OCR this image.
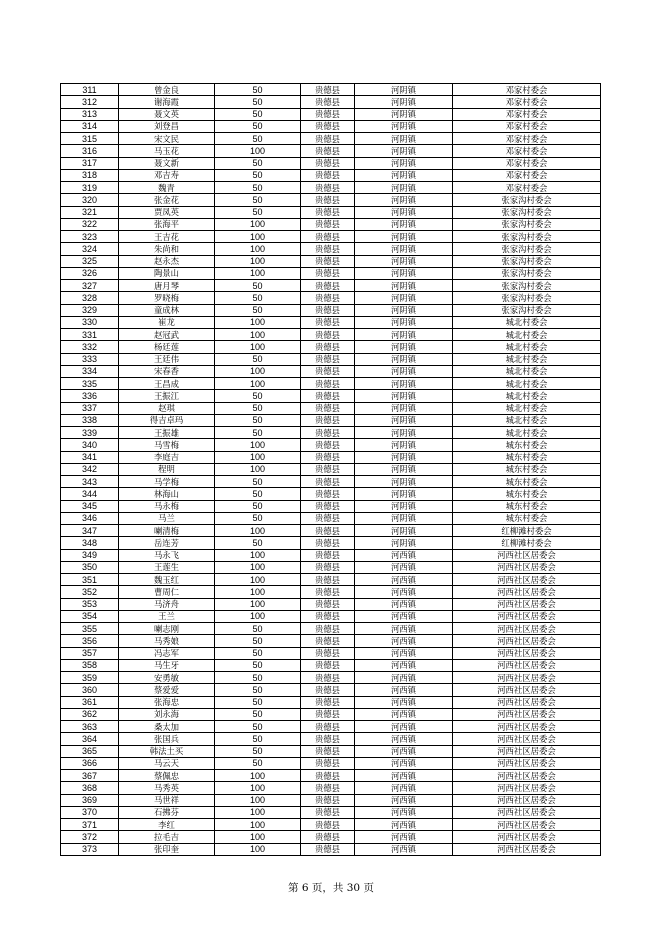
311	曾金良	50	贵德县	河阴镇	邓家村委会
312	谢海霞	50	贵德县	河阴镇	邓家村委会
313	聂文英	50	贵德县	河阴镇	邓家村委会
314	刘登昌	50	贵德县	河阴镇	邓家村委会
315	宋文民	50	贵德县	河阴镇	邓家村委会
316	马玉花	100	贵德县	河阴镇	邓家村委会
317	聂文新	50	贵德县	河阴镇	邓家村委会
318	邓吉寿	50	贵德县	河阴镇	邓家村委会
319	魏青	50	贵德县	河阴镇	邓家村委会
320	张金花	50	贵德县	河阴镇	张家沟村委会
321	贾凤英	50	贵德县	河阴镇	张家沟村委会
322	张海平	100	贵德县	河阴镇	张家沟村委会
323	王吉花	100	贵德县	河阴镇	张家沟村委会
324	朱尚和	100	贵德县	河阴镇	张家沟村委会
325	赵永杰	100	贵德县	河阴镇	张家沟村委会
326	陶景山	100	贵德县	河阴镇	张家沟村委会
327	唐月琴	50	贵德县	河阴镇	张家沟村委会
328	罗晓梅	50	贵德县	河阴镇	张家沟村委会
329	童成林	50	贵德县	河阴镇	张家沟村委会
330	崔龙	100	贵德县	河阴镇	城北村委会
331	赵冠武	100	贵德县	河阴镇	城北村委会
332	杨廷莲	100	贵德县	河阴镇	城北村委会
333	王廷伟	50	贵德县	河阴镇	城北村委会
334	宋春香	100	贵德县	河阴镇	城北村委会
335	王昌成	100	贵德县	河阴镇	城北村委会
336	王振江	50	贵德县	河阴镇	城北村委会
337	赵琪	50	贵德县	河阴镇	城北村委会
338	得吉卓玛	50	贵德县	河阴镇	城北村委会
339	王振雄	50	贵德县	河阴镇	城北村委会
340	马雪梅	100	贵德县	河阴镇	城东村委会
341	李庭吉	100	贵德县	河阴镇	城东村委会
342	程明	100	贵德县	河阴镇	城东村委会
343	马学梅	50	贵德县	河阴镇	城东村委会
344	林海山	50	贵德县	河阴镇	城东村委会
345	马永梅	50	贵德县	河阴镇	城东村委会
346	马兰	50	贵德县	河阴镇	城东村委会
347	喇清梅	100	贵德县	河阴镇	红柳滩村委会
348	岳连芳	50	贵德县	河阴镇	红柳滩村委会
349	马永飞	100	贵德县	河西镇	河西社区居委会
350	王莲生	100	贵德县	河西镇	河西社区居委会
351	魏玉红	100	贵德县	河西镇	河西社区居委会
352	曹周仁	100	贵德县	河西镇	河西社区居委会
353	马济舟	100	贵德县	河西镇	河西社区居委会
354	王兰	100	贵德县	河西镇	河西社区居委会
355	喇志刚	50	贵德县	河西镇	河西社区居委会
356	马秀娘	50	贵德县	河西镇	河西社区居委会
357	冯志军	50	贵德县	河西镇	河西社区居委会
358	马生牙	50	贵德县	河西镇	河西社区居委会
359	安勇敏	50	贵德县	河西镇	河西社区居委会
360	蔡爱爱	50	贵德县	河西镇	河西社区居委会
361	张海忠	50	贵德县	河西镇	河西社区居委会
362	刘永海	50	贵德县	河西镇	河西社区居委会
363	桑太加	50	贵德县	河西镇	河西社区居委会
364	张国兵	50	贵德县	河西镇	河西社区居委会
365	韩法土买	50	贵德县	河西镇	河西社区居委会
366	马云天	50	贵德县	河西镇	河西社区居委会
367	蔡佩忠	100	贵德县	河西镇	河西社区居委会
368	马秀英	100	贵德县	河西镇	河西社区居委会
369	马世祥	100	贵德县	河西镇	河西社区居委会
370	石拂芬	100	贵德县	河西镇	河西社区居委会
371	李红	100	贵德县	河西镇	河西社区居委会
372	拉毛吉	100	贵德县	河西镇	河西社区居委会
373	张印奎	100	贵德县	河西镇	河西社区居委会
第 6 页，共 30 页
